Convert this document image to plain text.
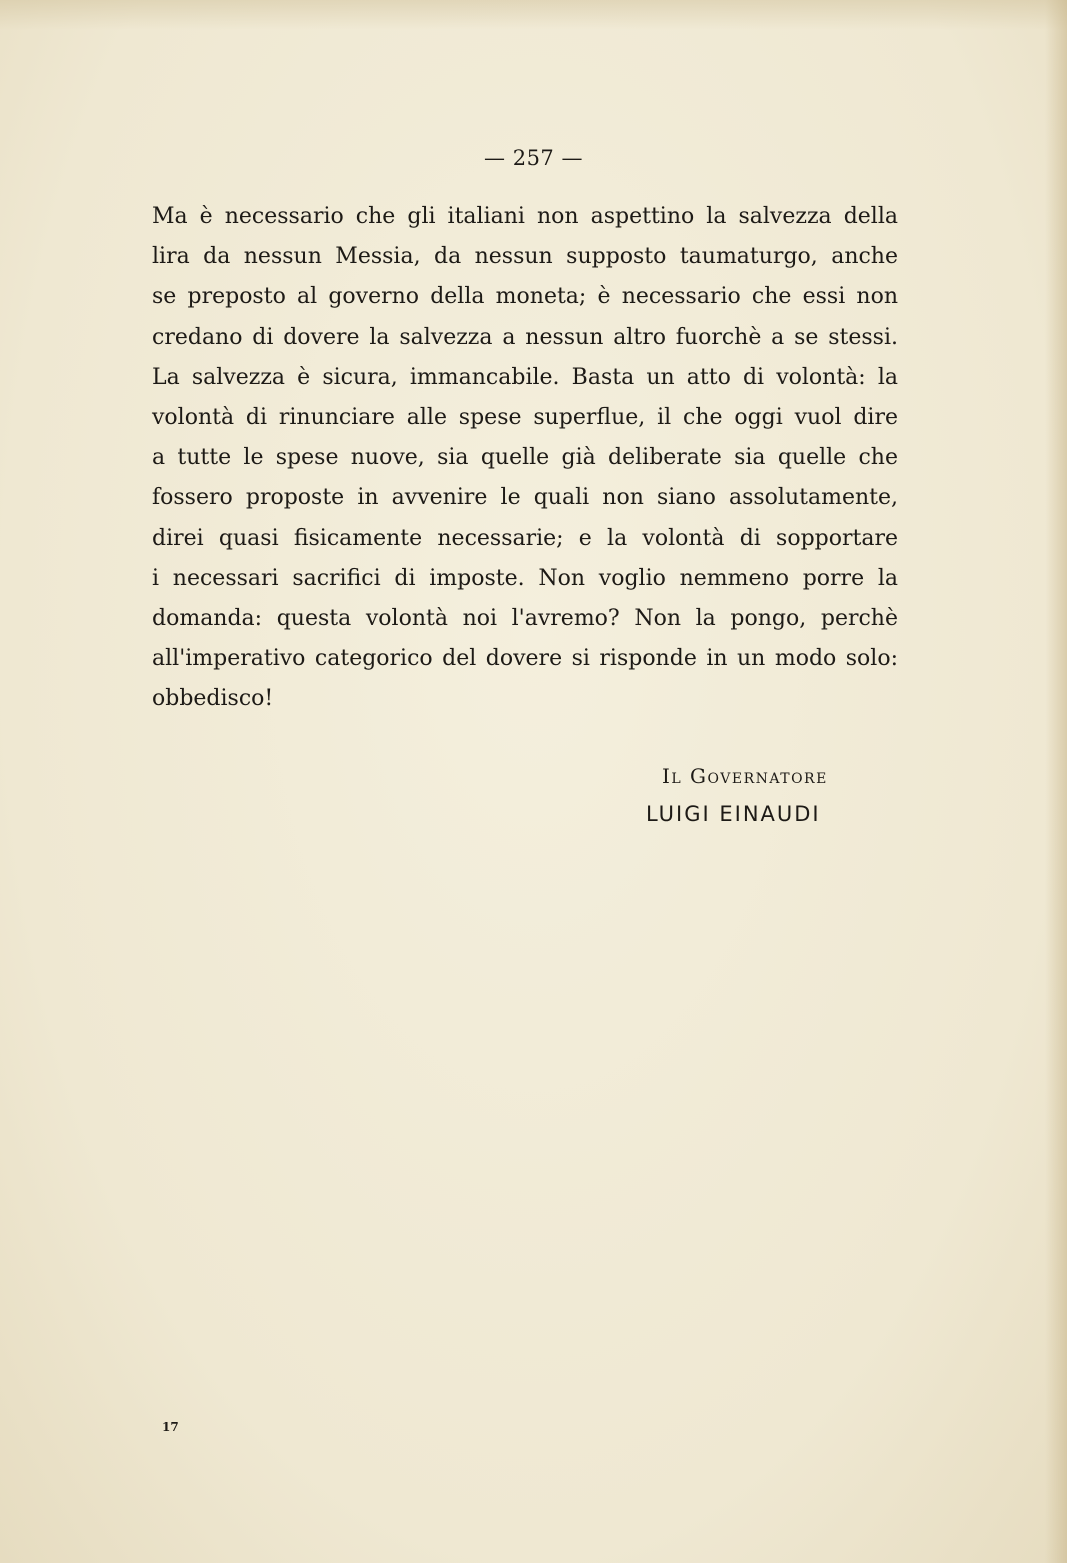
— 257 —
Ma è necessario che gli italiani non aspettino la salvezza della
lira da nessun Messia, da nessun supposto taumaturgo, anche
se preposto al governo della moneta; è necessario che essi non
credano di dovere la salvezza a nessun altro fuorchè a se stessi.
La salvezza è sicura, immancabile. Basta un atto di volontà: la
volontà di rinunciare alle spese superflue, il che oggi vuol dire
a tutte le spese nuove, sia quelle già deliberate sia quelle che
fossero proposte in avvenire le quali non siano assolutamente,
direi quasi fisicamente necessarie; e la volontà di sopportare
i necessari sacrifici di imposte. Non voglio nemmeno porre la
domanda: questa volontà noi l'avremo? Non la pongo, perchè
all'imperativo categorico del dovere si risponde in un modo solo:
obbedisco!
Il Governatore
LUIGI EINAUDI
17
